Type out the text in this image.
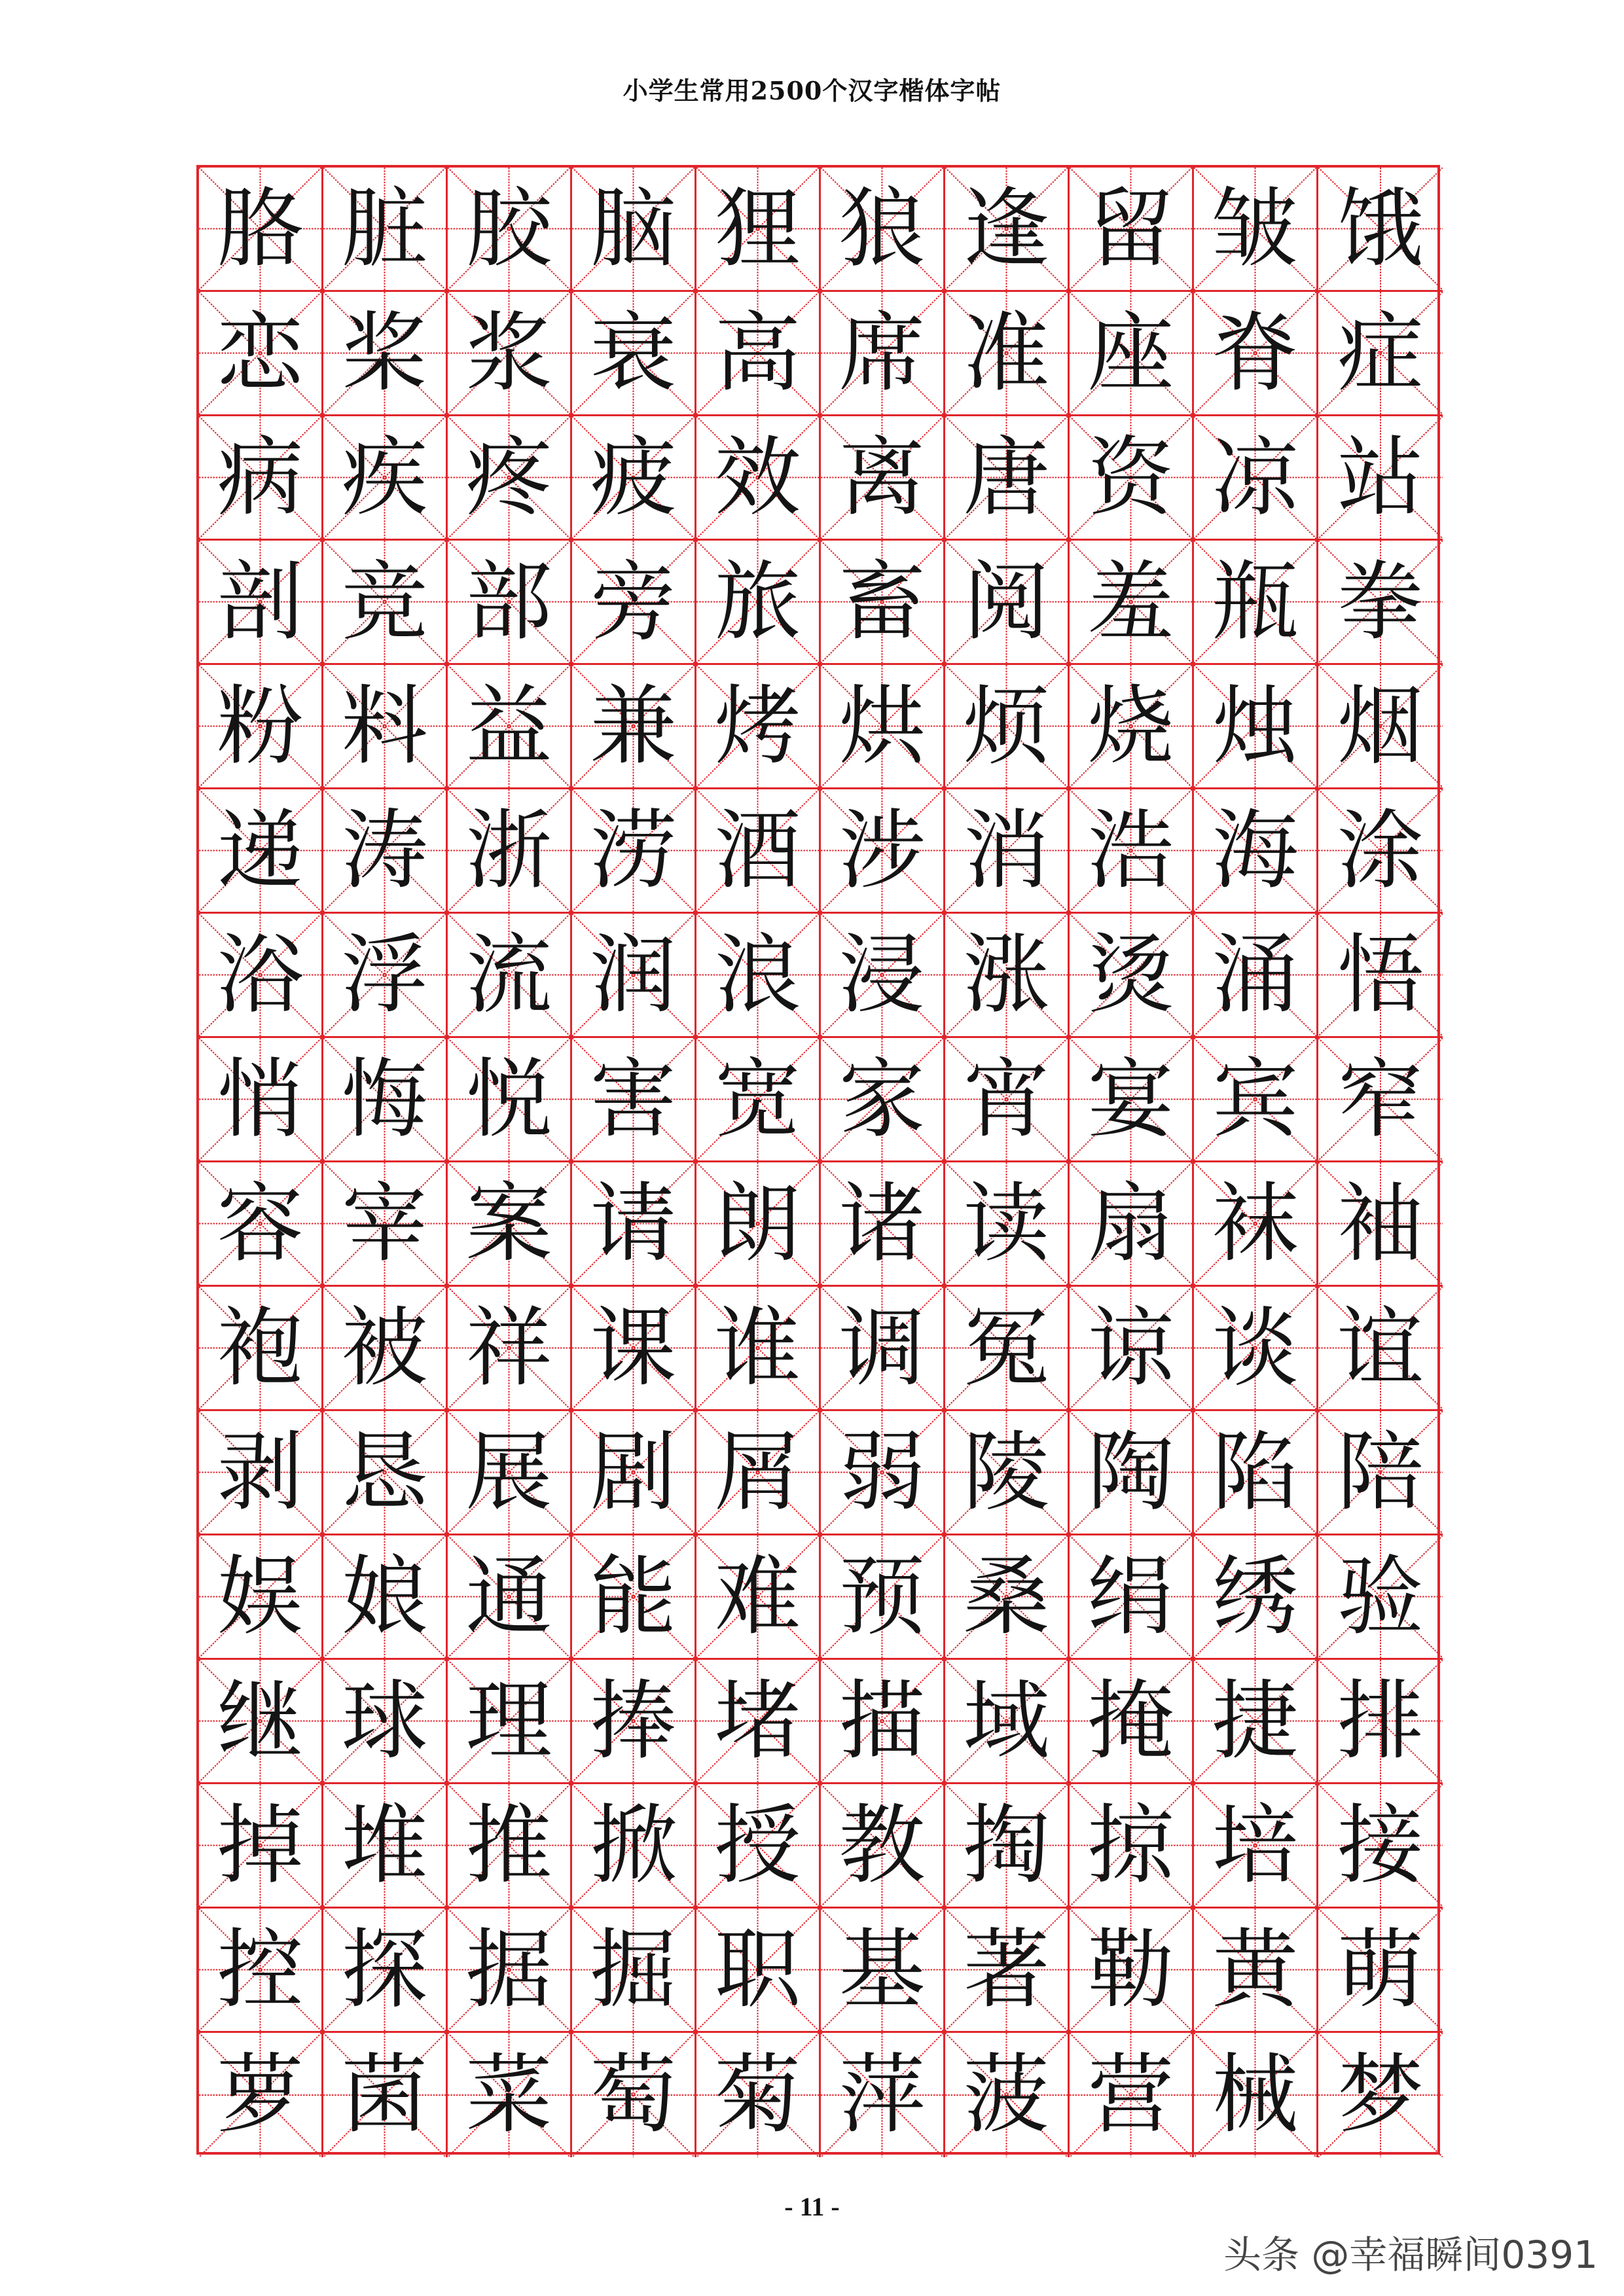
小学生常用2500个汉字楷体字帖
胳 脏 胶 脑 狸 狼 逢 留 皱 饿
恋 桨 浆 衰 高 席 准 座 脊 症
病 疾 疼 疲 效 离 唐 资 凉 站
剖 竞 部 旁 旅 畜 阅 羞 瓶 拳
粉 料 益 兼 烤 烘 烦 烧 烛 烟
递 涛 浙 涝 酒 涉 消 浩 海 涂
浴 浮 流 润 浪 浸 涨 烫 涌 悟
悄 悔 悦 害 宽 家 宵 宴 宾 窄
容 宰 案 请 朗 诸 读 扇 袜 袖
袍 被 祥 课 谁 调 冤 谅 谈 谊
剥 恳 展 剧 屑 弱 陵 陶 陷 陪
娱 娘 通 能 难 预 桑 绢 绣 验
继 球 理 捧 堵 描 域 掩 捷 排
掉 堆 推 掀 授 教 掏 掠 培 接
控 探 据 掘 职 基 著 勒 黄 萌
萝 菌 菜 萄 菊 萍 菠 营 械 梦
- 11 -
头条 @幸福瞬间0391
